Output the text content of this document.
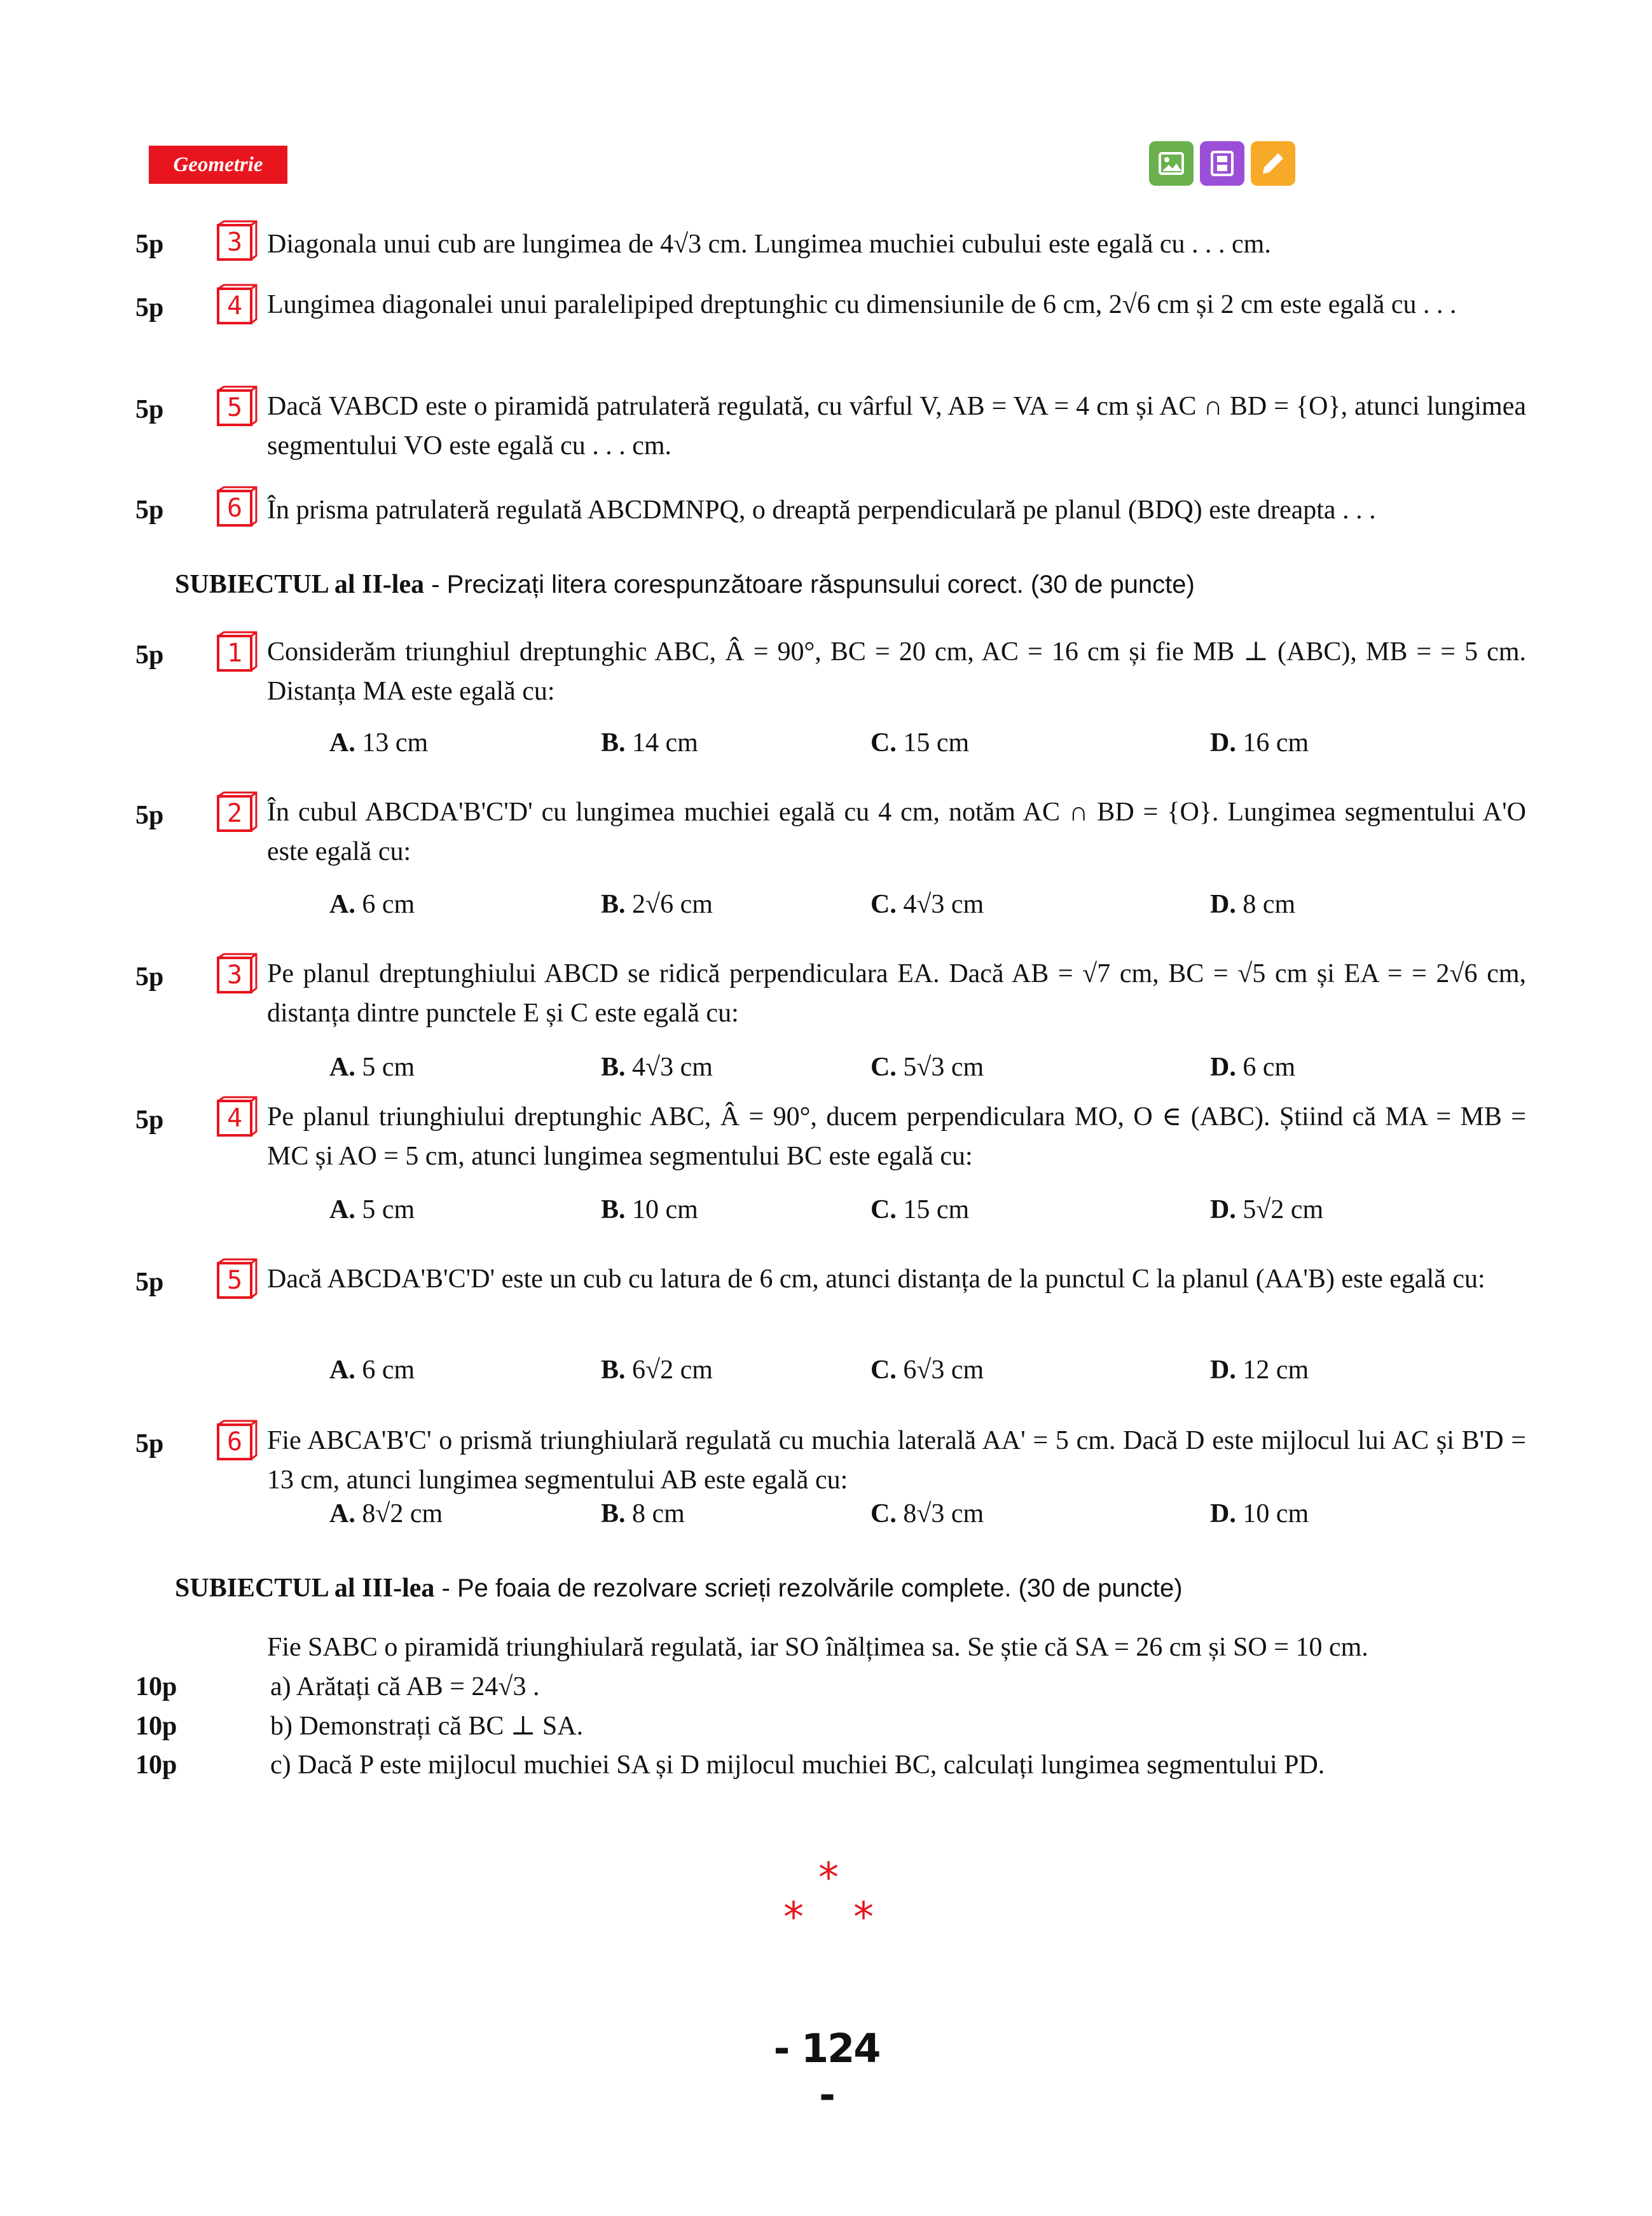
Geometrie
5p 3 Diagonala unui cub are lungimea de 4√3 cm. Lungimea muchiei cubului este egală cu . . . cm.
5p 4 Lungimea diagonalei unui paralelipiped dreptunghic cu dimensiunile de 6 cm, 2√6 cm și 2 cm este egală cu . . .
5p 5 Dacă VABCD este o piramidă patrulateră regulată, cu vârful V, AB = VA = 4 cm și AC ∩ BD = {O}, atunci lungimea segmentului VO este egală cu . . . cm.
5p 6 În prisma patrulateră regulată ABCDMNPQ, o dreaptă perpendiculară pe planul (BDQ) este dreapta . . .
SUBIECTUL al II-lea - Precizați litera corespunzătoare răspunsului corect. (30 de puncte)
5p 1 Considerăm triunghiul dreptunghic ABC, Â = 90°, BC = 20 cm, AC = 16 cm și fie MB ⊥ (ABC), MB = = 5 cm. Distanța MA este egală cu:
A. 13 cm	B. 14 cm	C. 15 cm	D. 16 cm
5p 2 În cubul ABCDA'B'C'D' cu lungimea muchiei egală cu 4 cm, notăm AC ∩ BD = {O}. Lungimea segmentului A'O este egală cu:
A. 6 cm	B. 2√6 cm	C. 4√3 cm	D. 8 cm
5p 3 Pe planul dreptunghiului ABCD se ridică perpendiculara EA. Dacă AB = √7 cm, BC = √5 cm și EA = = 2√6 cm, distanța dintre punctele E și C este egală cu:
A. 5 cm	B. 4√3 cm	C. 5√3 cm	D. 6 cm
5p 4 Pe planul triunghiului dreptunghic ABC, Â = 90°, ducem perpendiculara MO, O ∈ (ABC). Știind că MA = MB = MC și AO = 5 cm, atunci lungimea segmentului BC este egală cu:
A. 5 cm	B. 10 cm	C. 15 cm	D. 5√2 cm
5p 5 Dacă ABCDA'B'C'D' este un cub cu latura de 6 cm, atunci distanța de la punctul C la planul (AA'B) este egală cu:
A. 6 cm	B. 6√2 cm	C. 6√3 cm	D. 12 cm
5p 6 Fie ABCA'B'C' o prismă triunghiulară regulată cu muchia laterală AA' = 5 cm. Dacă D este mijlocul lui AC și B'D = 13 cm, atunci lungimea segmentului AB este egală cu:
A. 8√2 cm	B. 8 cm	C. 8√3 cm	D. 10 cm
SUBIECTUL al III-lea - Pe foaia de rezolvare scrieți rezolvările complete. (30 de puncte)
Fie SABC o piramidă triunghiulară regulată, iar SO înălțimea sa. Se știe că SA = 26 cm și SO = 10 cm.
10p	a) Arătați că AB = 24√3 .
10p	b) Demonstrați că BC ⊥ SA.
10p	c) Dacă P este mijlocul muchiei SA și D mijlocul muchiei BC, calculați lungimea segmentului PD.
*
* *
- 124 -
